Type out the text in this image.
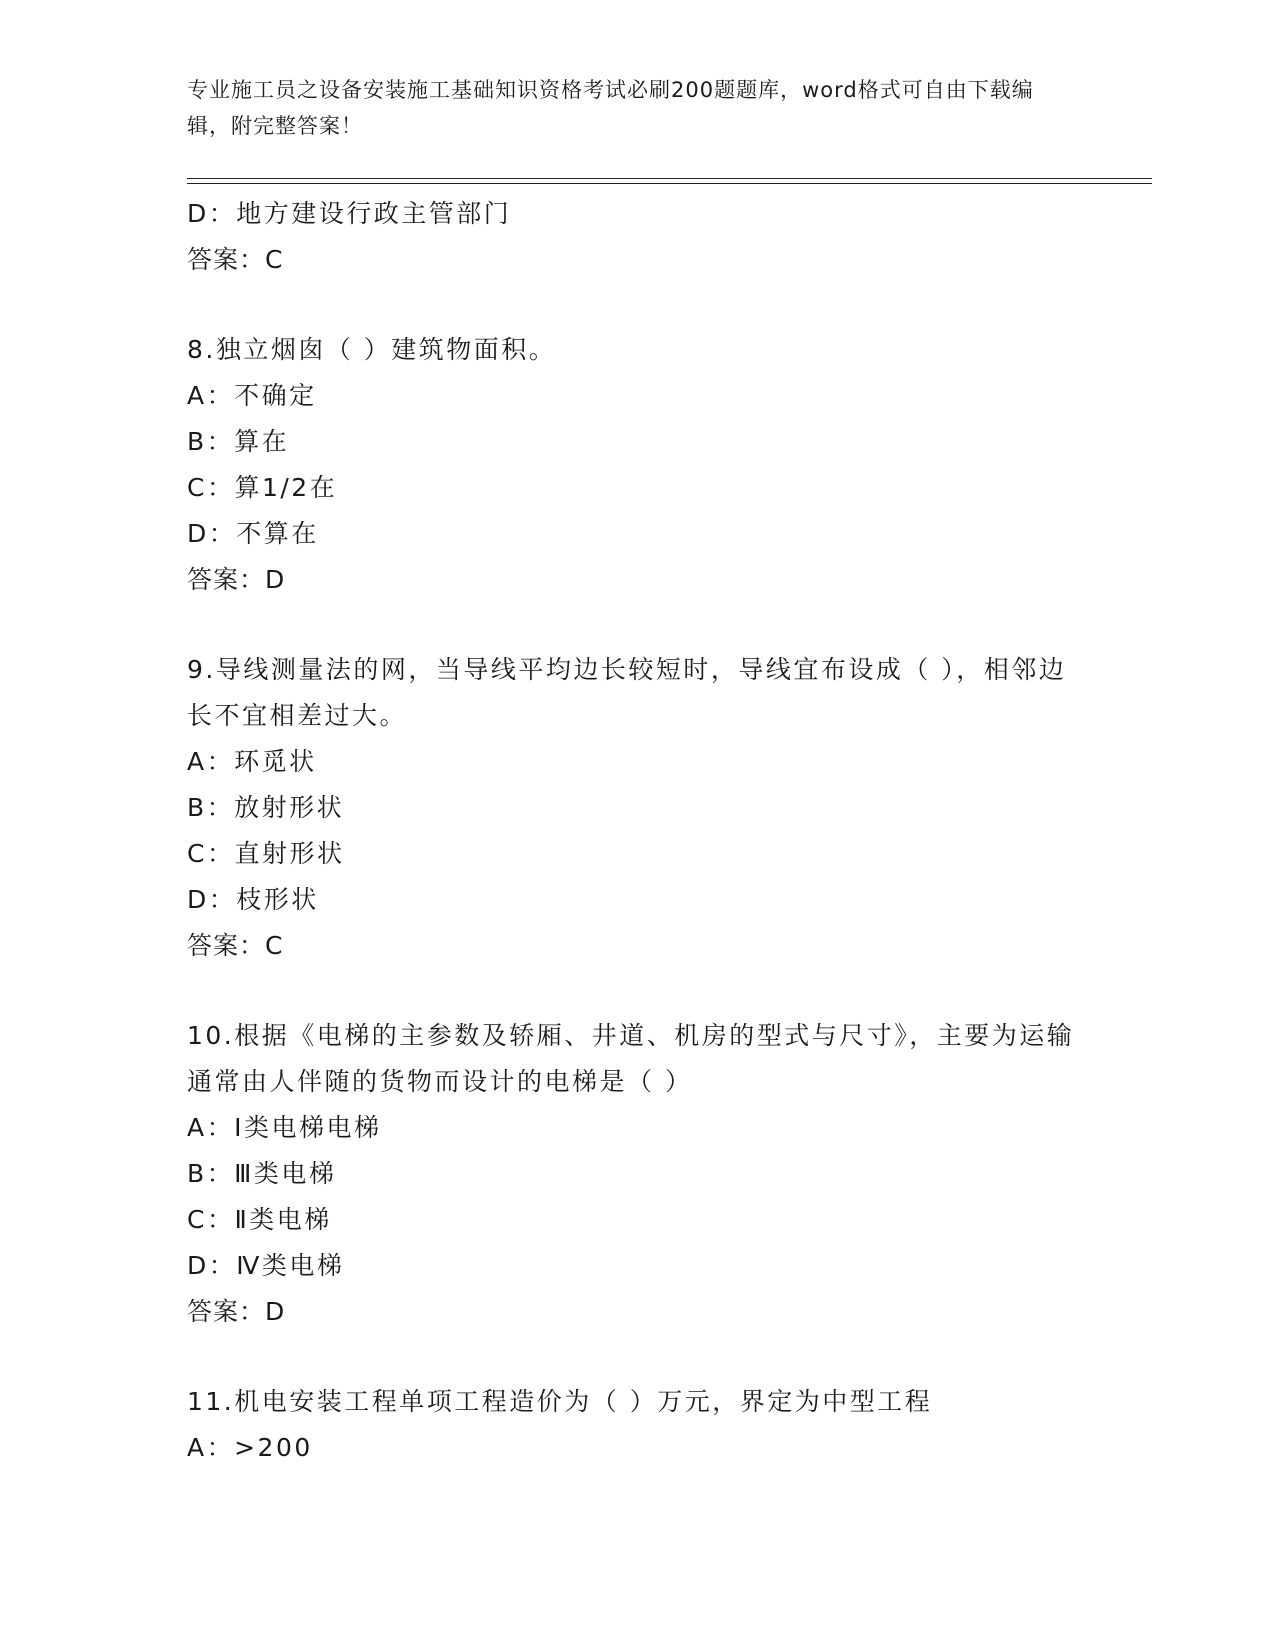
专业施工员之设备安装施工基础知识资格考试必刷200题题库，word格式可自由下载编辑，附完整答案！
D：地方建设行政主管部门
答案：C
8.独立烟囱（ ）建筑物面积。
A：不确定
B：算在
C：算1/2在
D：不算在
答案：D
9.导线测量法的网，当导线平均边长较短时，导线宜布设成（ ），相邻边长不宜相差过大。
A：环觅状
B：放射形状
C：直射形状
D：枝形状
答案：C
10.根据《电梯的主参数及轿厢、井道、机房的型式与尺寸》，主要为运输通常由人伴随的货物而设计的电梯是（ ）
A：Ⅰ类电梯电梯
B：Ⅲ类电梯
C：Ⅱ类电梯
D：Ⅳ类电梯
答案：D
11.机电安装工程单项工程造价为（ ）万元，界定为中型工程
A：>200
